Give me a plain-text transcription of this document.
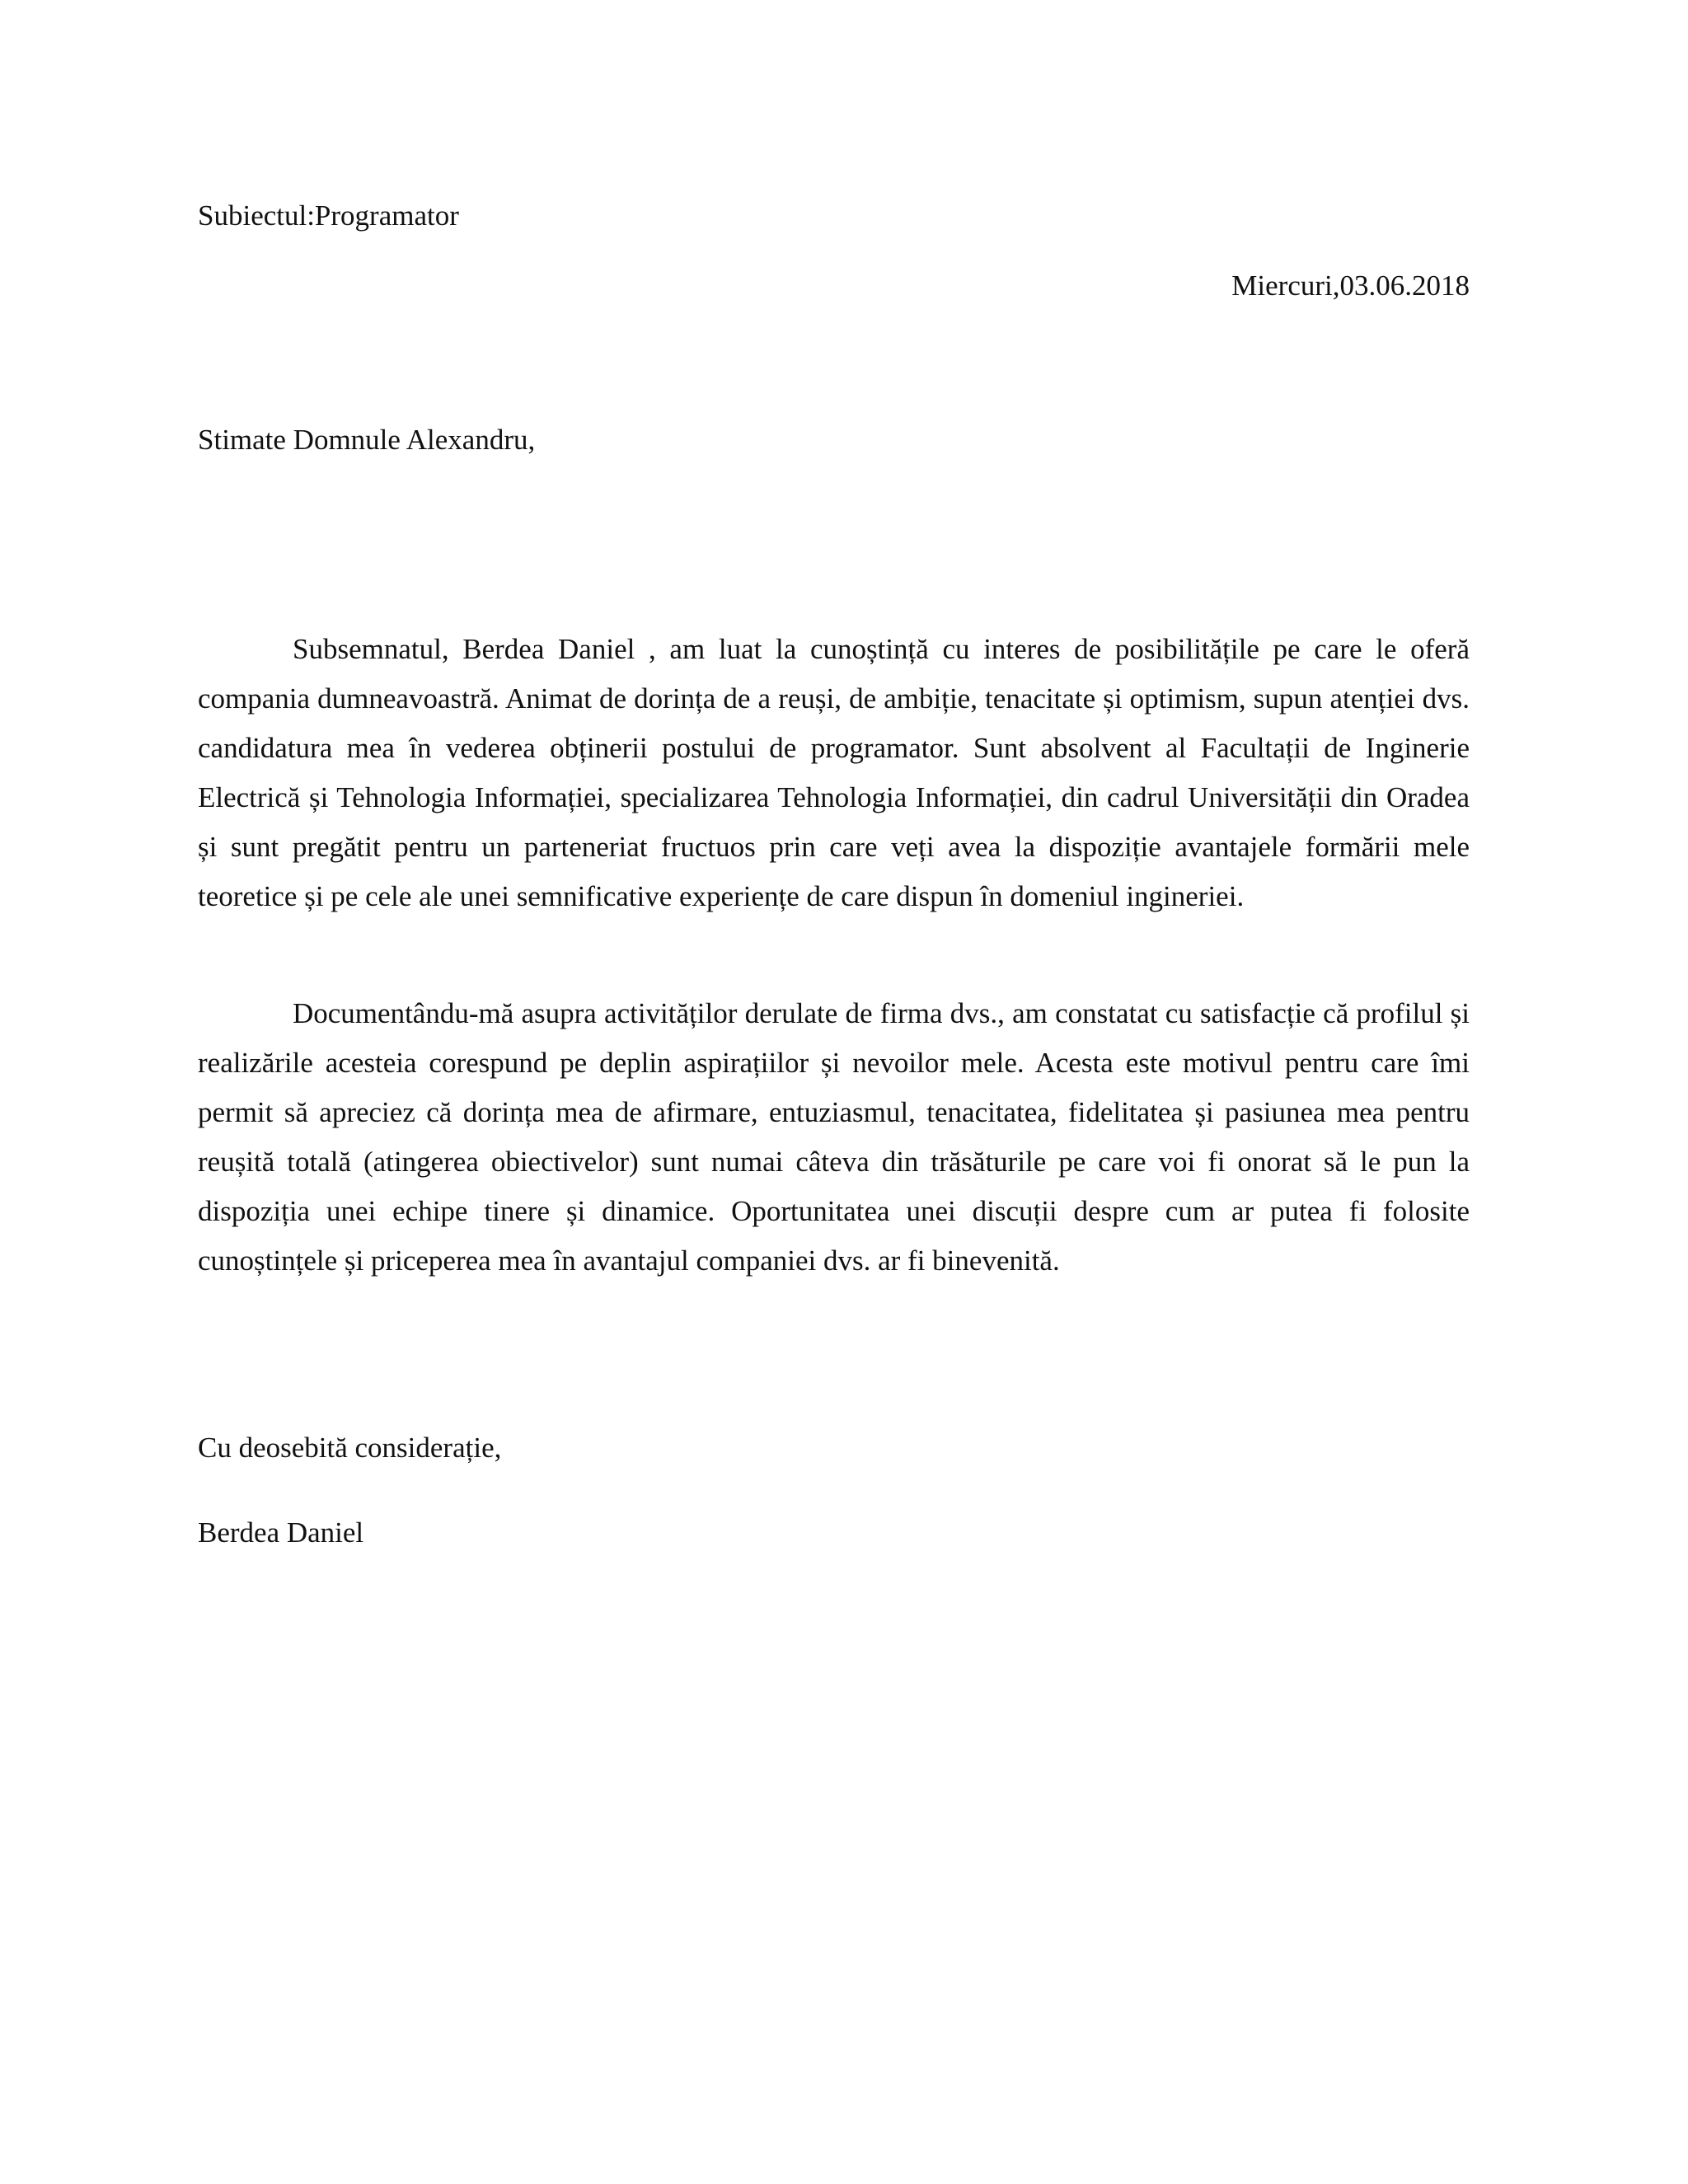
Subiectul:Programator
Miercuri,03.06.2018
Stimate Domnule Alexandru,

Subsemnatul, Berdea Daniel , am luat la cunoștință cu interes de posibilitățile pe care le oferă compania dumneavoastră. Animat de dorința de a reuși, de ambiție, tenacitate și optimism, supun atenției dvs. candidatura mea în vederea obținerii postului de programator. Sunt absolvent al Facultații de Inginerie Electrică și Tehnologia Informației, specializarea Tehnologia Informației, din cadrul Universității din Oradea și sunt pregătit pentru un parteneriat fructuos prin care veți avea la dispoziție avantajele formării mele teoretice și pe cele ale unei semnificative experiențe de care dispun în domeniul ingineriei.

Documentându-mă asupra activităților derulate de firma dvs., am constatat cu satisfacție că profilul și realizările acesteia corespund pe deplin aspirațiilor și nevoilor mele. Acesta este motivul pentru care îmi permit să apreciez că dorința mea de afirmare, entuziasmul, tenacitatea, fidelitatea și pasiunea mea pentru reușită totală (atingerea obiectivelor) sunt numai câteva din trăsăturile pe care voi fi onorat să le pun la dispoziția unei echipe tinere și dinamice. Oportunitatea unei discuții despre cum ar putea fi folosite cunoștințele și priceperea mea în avantajul companiei dvs. ar fi binevenită.

Cu deosebită considerație,
Berdea Daniel
